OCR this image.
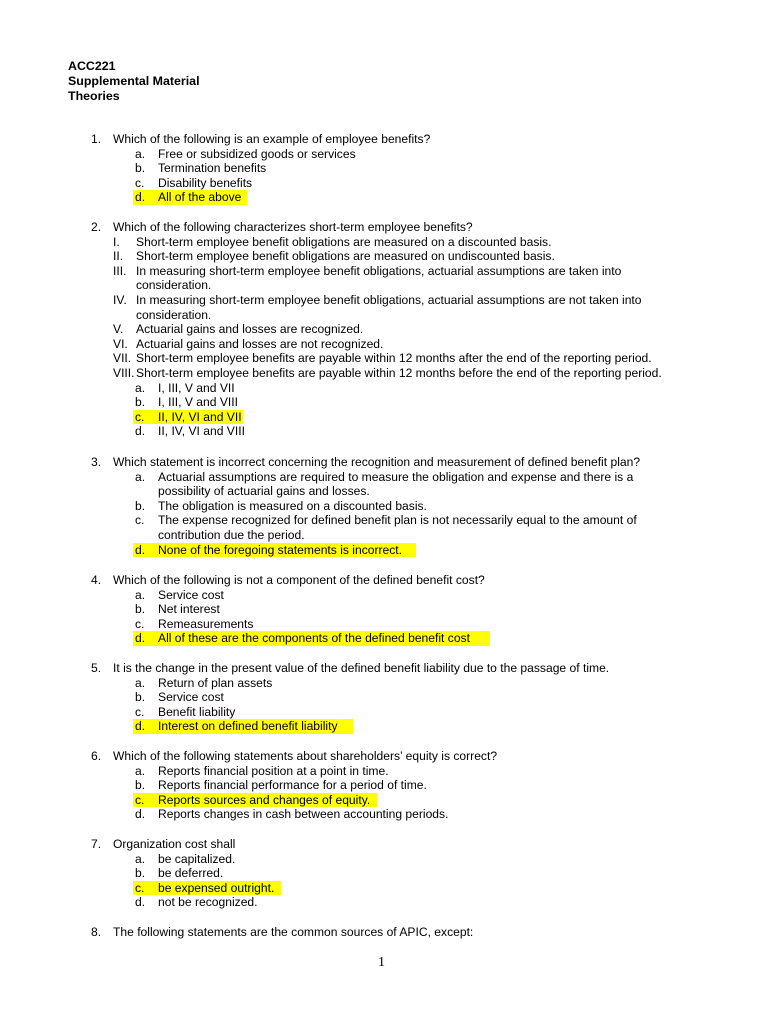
ACC221
Supplemental Material
Theories
1. Which of the following is an example of employee benefits?
a. Free or subsidized goods or services
b. Termination benefits
c. Disability benefits
d. All of the above
2. Which of the following characterizes short-term employee benefits?
I.	Short-term employee benefit obligations are measured on a discounted basis.
II.	Short-term employee benefit obligations are measured on undiscounted basis.
III. In measuring short-term employee benefit obligations, actuarial assumptions are taken into
consideration.
IV. In measuring short-term employee benefit obligations, actuarial assumptions are not taken into
consideration.
V.	Actuarial gains and losses are recognized.
VI. Actuarial gains and losses are not recognized.
VII. Short-term employee benefits are payable within 12 months after the end of the reporting period.
VIII. Short-term employee benefits are payable within 12 months before the end of the reporting period.
a. I, III, V and VII
b. I, III, V and VIII
c. II, IV, VI and VII
d. II, IV, VI and VIII
3. Which statement is incorrect concerning the recognition and measurement of defined benefit plan?
a. Actuarial assumptions are required to measure the obligation and expense and there is a
possibility of actuarial gains and losses.
b. The obligation is measured on a discounted basis.
c. The expense recognized for defined benefit plan is not necessarily equal to the amount of
contribution due the period.
d. None of the foregoing statements is incorrect.
4. Which of the following is not a component of the defined benefit cost?
a. Service cost
b. Net interest
c. Remeasurements
d. All of these are the components of the defined benefit cost
5. It is the change in the present value of the defined benefit liability due to the passage of time.
a. Return of plan assets
b. Service cost
c. Benefit liability
d. Interest on defined benefit liability
6. Which of the following statements about shareholders’ equity is correct?
a. Reports financial position at a point in time.
b. Reports financial performance for a period of time.
c. Reports sources and changes of equity.
d. Reports changes in cash between accounting periods.
7. Organization cost shall
a. be capitalized.
b. be deferred.
c. be expensed outright.
d. not be recognized.
8. The following statements are the common sources of APIC, except:
1
